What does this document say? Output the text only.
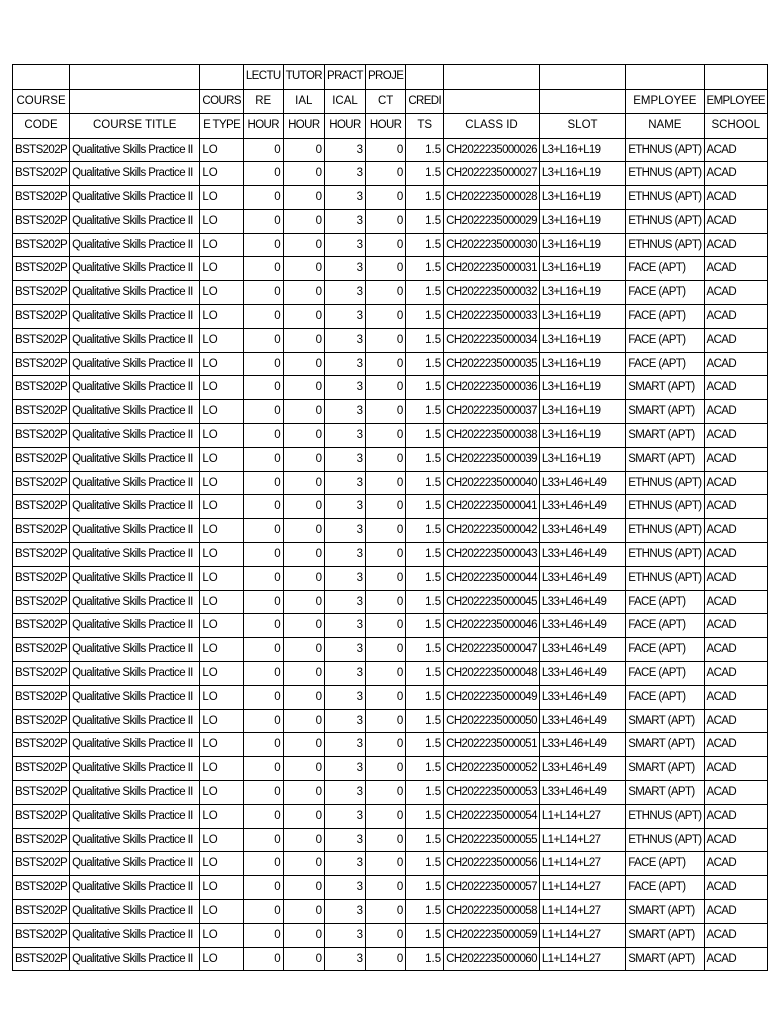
			LECTU	TUTOR	PRACT	PROJE					
COURSE		COURS	RE	IAL	ICAL	CT	CREDI			EMPLOYEE	EMPLOYEE
CODE	COURSE TITLE	E TYPE	HOUR	HOUR	HOUR	HOUR	TS	CLASS ID	SLOT	NAME	SCHOOL
BSTS202P	Qualitative Skills Practice II	LO	0	0	3	0	1.5	CH2022235000026	L3+L16+L19	ETHNUS (APT)	ACAD
BSTS202P	Qualitative Skills Practice II	LO	0	0	3	0	1.5	CH2022235000027	L3+L16+L19	ETHNUS (APT)	ACAD
BSTS202P	Qualitative Skills Practice II	LO	0	0	3	0	1.5	CH2022235000028	L3+L16+L19	ETHNUS (APT)	ACAD
BSTS202P	Qualitative Skills Practice II	LO	0	0	3	0	1.5	CH2022235000029	L3+L16+L19	ETHNUS (APT)	ACAD
BSTS202P	Qualitative Skills Practice II	LO	0	0	3	0	1.5	CH2022235000030	L3+L16+L19	ETHNUS (APT)	ACAD
BSTS202P	Qualitative Skills Practice II	LO	0	0	3	0	1.5	CH2022235000031	L3+L16+L19	FACE (APT)	ACAD
BSTS202P	Qualitative Skills Practice II	LO	0	0	3	0	1.5	CH2022235000032	L3+L16+L19	FACE (APT)	ACAD
BSTS202P	Qualitative Skills Practice II	LO	0	0	3	0	1.5	CH2022235000033	L3+L16+L19	FACE (APT)	ACAD
BSTS202P	Qualitative Skills Practice II	LO	0	0	3	0	1.5	CH2022235000034	L3+L16+L19	FACE (APT)	ACAD
BSTS202P	Qualitative Skills Practice II	LO	0	0	3	0	1.5	CH2022235000035	L3+L16+L19	FACE (APT)	ACAD
BSTS202P	Qualitative Skills Practice II	LO	0	0	3	0	1.5	CH2022235000036	L3+L16+L19	SMART (APT)	ACAD
BSTS202P	Qualitative Skills Practice II	LO	0	0	3	0	1.5	CH2022235000037	L3+L16+L19	SMART (APT)	ACAD
BSTS202P	Qualitative Skills Practice II	LO	0	0	3	0	1.5	CH2022235000038	L3+L16+L19	SMART (APT)	ACAD
BSTS202P	Qualitative Skills Practice II	LO	0	0	3	0	1.5	CH2022235000039	L3+L16+L19	SMART (APT)	ACAD
BSTS202P	Qualitative Skills Practice II	LO	0	0	3	0	1.5	CH2022235000040	L33+L46+L49	ETHNUS (APT)	ACAD
BSTS202P	Qualitative Skills Practice II	LO	0	0	3	0	1.5	CH2022235000041	L33+L46+L49	ETHNUS (APT)	ACAD
BSTS202P	Qualitative Skills Practice II	LO	0	0	3	0	1.5	CH2022235000042	L33+L46+L49	ETHNUS (APT)	ACAD
BSTS202P	Qualitative Skills Practice II	LO	0	0	3	0	1.5	CH2022235000043	L33+L46+L49	ETHNUS (APT)	ACAD
BSTS202P	Qualitative Skills Practice II	LO	0	0	3	0	1.5	CH2022235000044	L33+L46+L49	ETHNUS (APT)	ACAD
BSTS202P	Qualitative Skills Practice II	LO	0	0	3	0	1.5	CH2022235000045	L33+L46+L49	FACE (APT)	ACAD
BSTS202P	Qualitative Skills Practice II	LO	0	0	3	0	1.5	CH2022235000046	L33+L46+L49	FACE (APT)	ACAD
BSTS202P	Qualitative Skills Practice II	LO	0	0	3	0	1.5	CH2022235000047	L33+L46+L49	FACE (APT)	ACAD
BSTS202P	Qualitative Skills Practice II	LO	0	0	3	0	1.5	CH2022235000048	L33+L46+L49	FACE (APT)	ACAD
BSTS202P	Qualitative Skills Practice II	LO	0	0	3	0	1.5	CH2022235000049	L33+L46+L49	FACE (APT)	ACAD
BSTS202P	Qualitative Skills Practice II	LO	0	0	3	0	1.5	CH2022235000050	L33+L46+L49	SMART (APT)	ACAD
BSTS202P	Qualitative Skills Practice II	LO	0	0	3	0	1.5	CH2022235000051	L33+L46+L49	SMART (APT)	ACAD
BSTS202P	Qualitative Skills Practice II	LO	0	0	3	0	1.5	CH2022235000052	L33+L46+L49	SMART (APT)	ACAD
BSTS202P	Qualitative Skills Practice II	LO	0	0	3	0	1.5	CH2022235000053	L33+L46+L49	SMART (APT)	ACAD
BSTS202P	Qualitative Skills Practice II	LO	0	0	3	0	1.5	CH2022235000054	L1+L14+L27	ETHNUS (APT)	ACAD
BSTS202P	Qualitative Skills Practice II	LO	0	0	3	0	1.5	CH2022235000055	L1+L14+L27	ETHNUS (APT)	ACAD
BSTS202P	Qualitative Skills Practice II	LO	0	0	3	0	1.5	CH2022235000056	L1+L14+L27	FACE (APT)	ACAD
BSTS202P	Qualitative Skills Practice II	LO	0	0	3	0	1.5	CH2022235000057	L1+L14+L27	FACE (APT)	ACAD
BSTS202P	Qualitative Skills Practice II	LO	0	0	3	0	1.5	CH2022235000058	L1+L14+L27	SMART (APT)	ACAD
BSTS202P	Qualitative Skills Practice II	LO	0	0	3	0	1.5	CH2022235000059	L1+L14+L27	SMART (APT)	ACAD
BSTS202P	Qualitative Skills Practice II	LO	0	0	3	0	1.5	CH2022235000060	L1+L14+L27	SMART (APT)	ACAD
